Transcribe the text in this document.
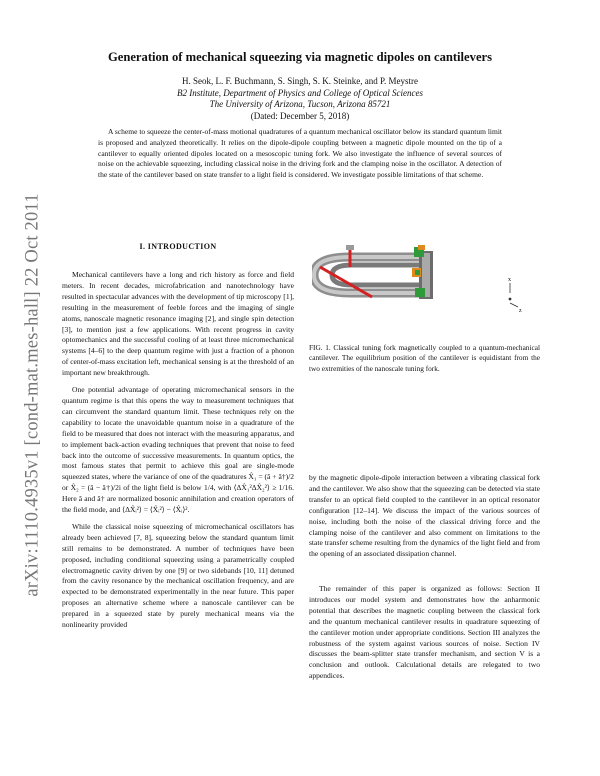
arXiv:1110.4935v1 [cond-mat.mes-hall] 22 Oct 2011
Generation of mechanical squeezing via magnetic dipoles on cantilevers
H. Seok, L. F. Buchmann, S. Singh, S. K. Steinke, and P. Meystre
B2 Institute, Department of Physics and College of Optical Sciences
The University of Arizona, Tucson, Arizona 85721
(Dated: December 5, 2018)
A scheme to squeeze the center-of-mass motional quadratures of a quantum mechanical oscillator below its standard quantum limit is proposed and analyzed theoretically. It relies on the dipole-dipole coupling between a magnetic dipole mounted on the tip of a cantilever to equally oriented dipoles located on a mesoscopic tuning fork. We also investigate the influence of several sources of noise on the achievable squeezing, including classical noise in the driving fork and the clamping noise in the oscillator. A detection of the state of the cantilever based on state transfer to a light field is considered. We investigate possible limitations of that scheme.
I. INTRODUCTION

Mechanical cantilevers have a long and rich history as force and field meters. In recent decades, microfabrication and nanotechnology have resulted in spectacular advances with the development of tip microscopy [1], resulting in the measurement of feeble forces and the imaging of single atoms, nanoscale magnetic resonance imaging [2], and single spin detection [3], to mention just a few applications. With recent progress in cavity optomechanics and the successful cooling of at least three micromechanical systems [4–6] to the deep quantum regime with just a fraction of a phonon of center-of-mass excitation left, mechanical sensing is at the threshold of an important new breakthrough.

One potential advantage of operating micromechanical sensors in the quantum regime is that this opens the way to measurement techniques that can circumvent the standard quantum limit. These techniques rely on the capability to locate the unavoidable quantum noise in a quadrature of the field to be measured that does not interact with the measuring apparatus, and to implement back-action evading techniques that prevent that noise to feed back into the outcome of successive measurements. In quantum optics, the most famous states that permit to achieve this goal are single-mode squeezed states, where the variance of one of the quadratures X̂₁ = (â + â†)/2 or X̂₂ = (â − â†)/2i of the light field is below 1/4, with ⟨ΔX̂₁²ΔX̂₂²⟩ ≥ 1/16. Here â and â† are normalized bosonic annihilation and creation operators of the field mode, and ⟨ΔX̂ᵢ²⟩ = ⟨X̂ᵢ²⟩ − ⟨X̂ᵢ⟩².

While the classical noise squeezing of micromechanical oscillators has already been achieved [7, 8], squeezing below the standard quantum limit still remains to be demonstrated. A number of techniques have been proposed, including conditional squeezing using a parametrically coupled electromagnetic cavity driven by one [9] or two sidebands [10, 11] detuned from the cavity resonance by the mechanical oscillation frequency, and are expected to be demonstrated experimentally in the near future. This paper proposes an alternative scheme where a nanoscale cantilever can be prepared in a squeezed state by purely mechanical means via the nonlinearity provided

x
z
FIG. 1. Classical tuning fork magnetically coupled to a quantum-mechanical cantilever. The equilibrium position of the cantilever is equidistant from the two extremities of the nanoscale tuning fork.
by the magnetic dipole-dipole interaction between a vibrating classical fork and the cantilever. We also show that the squeezing can be detected via state transfer to an optical field coupled to the cantilever in an optical resonator configuration [12–14]. We discuss the impact of the various sources of noise, including both the noise of the classical driving force and the clamping noise of the cantilever and also comment on limitations to the state transfer scheme resulting from the dynamics of the light field and from the opening of an associated dissipation channel.

The remainder of this paper is organized as follows: Section II introduces our model system and demonstrates how the anharmonic potential that describes the magnetic coupling between the classical fork and the quantum mechanical cantilever results in quadrature squeezing of the cantilever motion under appropriate conditions. Section III analyzes the robustness of the system against various sources of noise. Section IV discusses the beam-splitter state transfer mechanism, and section V is a conclusion and outlook. Calculational details are relegated to two appendices.
